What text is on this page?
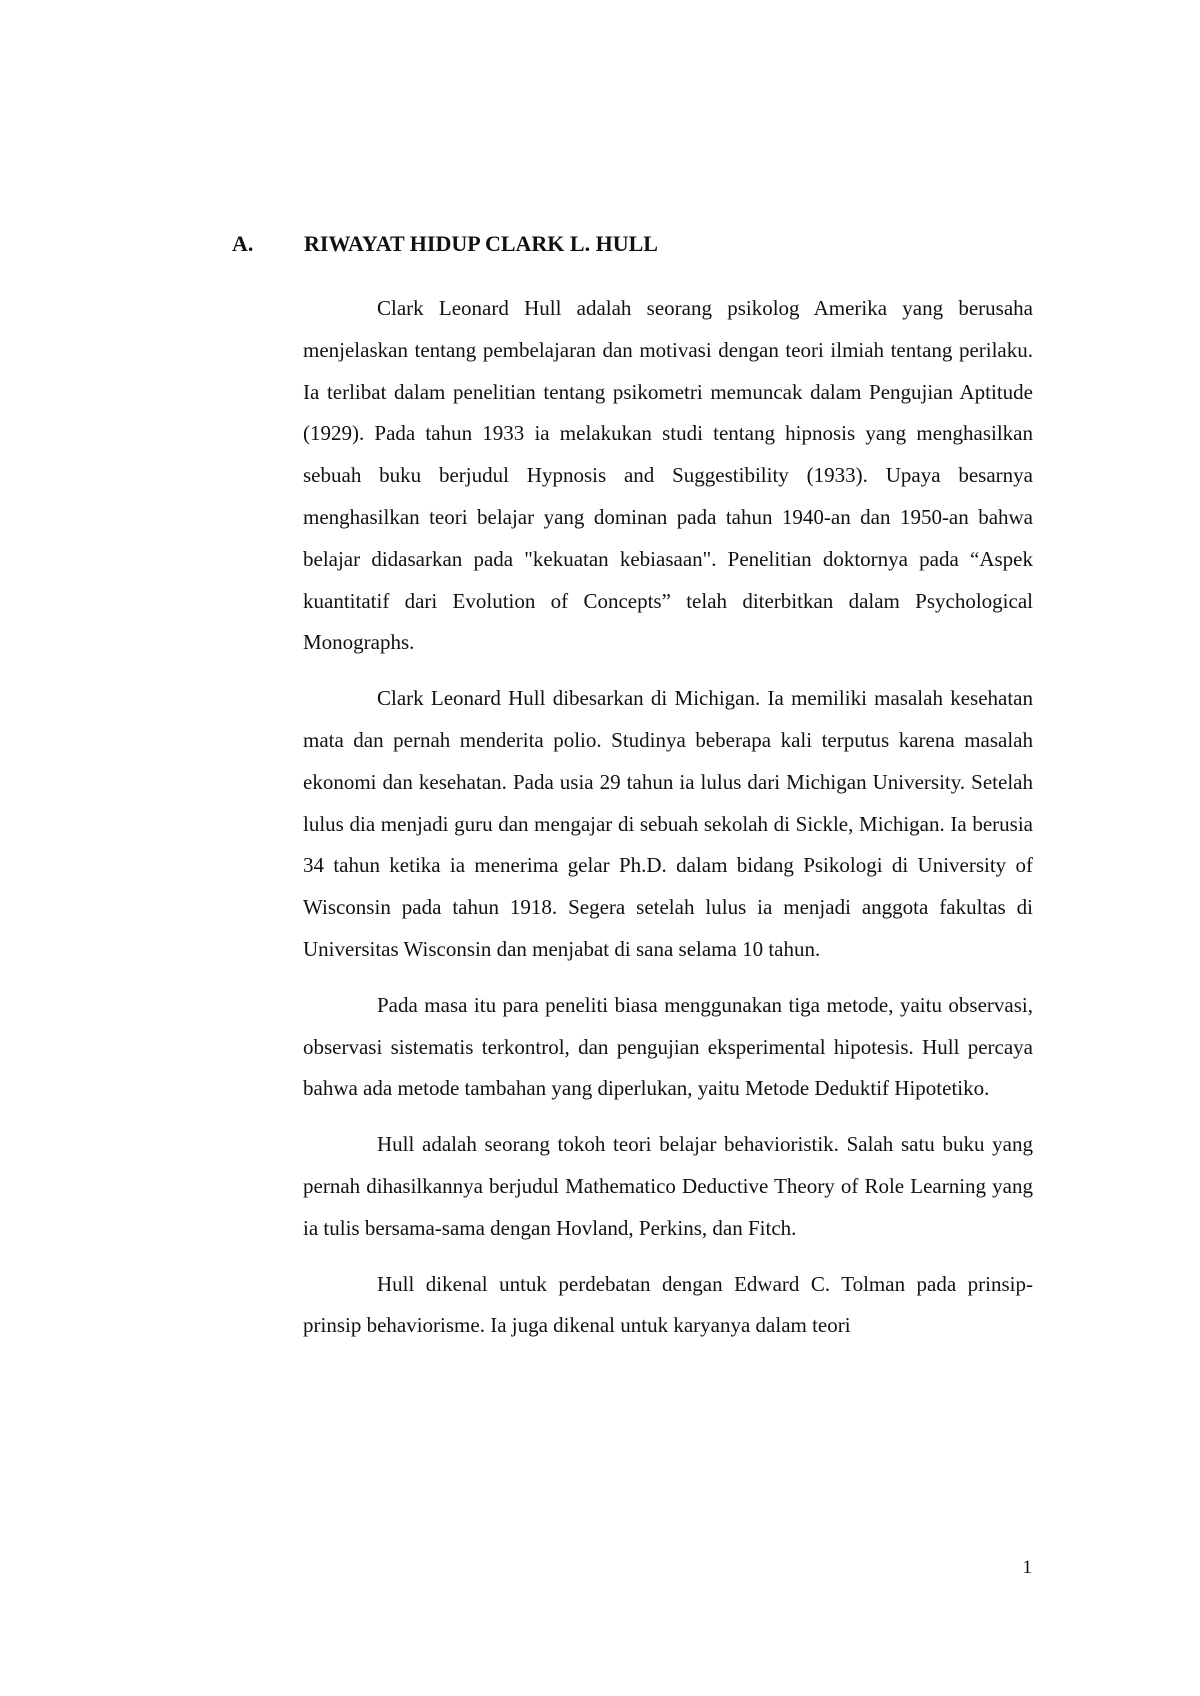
A. RIWAYAT HIDUP CLARK L. HULL

Clark Leonard Hull adalah seorang psikolog Amerika yang berusaha menjelaskan tentang pembelajaran dan motivasi dengan teori ilmiah tentang perilaku. Ia terlibat dalam penelitian tentang psikometri memuncak dalam Pengujian Aptitude (1929). Pada tahun 1933 ia melakukan studi tentang hipnosis yang menghasilkan sebuah buku berjudul Hypnosis and Suggestibility (1933). Upaya besarnya menghasilkan teori belajar yang dominan pada tahun 1940-an dan 1950-an bahwa belajar didasarkan pada "kekuatan kebiasaan". Penelitian doktornya pada “Aspek kuantitatif dari Evolution of Concepts” telah diterbitkan dalam Psychological Monographs.

Clark Leonard Hull dibesarkan di Michigan. Ia memiliki masalah kesehatan mata dan pernah menderita polio. Studinya beberapa kali terputus karena masalah ekonomi dan kesehatan. Pada usia 29 tahun ia lulus dari Michigan University. Setelah lulus dia menjadi guru dan mengajar di sebuah sekolah di Sickle, Michigan. Ia berusia 34 tahun ketika ia menerima gelar Ph.D. dalam bidang Psikologi di University of Wisconsin pada tahun 1918. Segera setelah lulus ia menjadi anggota fakultas di Universitas Wisconsin dan menjabat di sana selama 10 tahun.

Pada masa itu para peneliti biasa menggunakan tiga metode, yaitu observasi, observasi sistematis terkontrol, dan pengujian eksperimental hipotesis. Hull percaya bahwa ada metode tambahan yang diperlukan, yaitu Metode Deduktif Hipotetiko.

Hull adalah seorang tokoh teori belajar behavioristik. Salah satu buku yang pernah dihasilkannya berjudul Mathematico Deductive Theory of Role Learning yang ia tulis bersama-sama dengan Hovland, Perkins, dan Fitch.

Hull dikenal untuk perdebatan dengan Edward C. Tolman pada prinsip-prinsip behaviorisme. Ia juga dikenal untuk karyanya dalam teori

1
